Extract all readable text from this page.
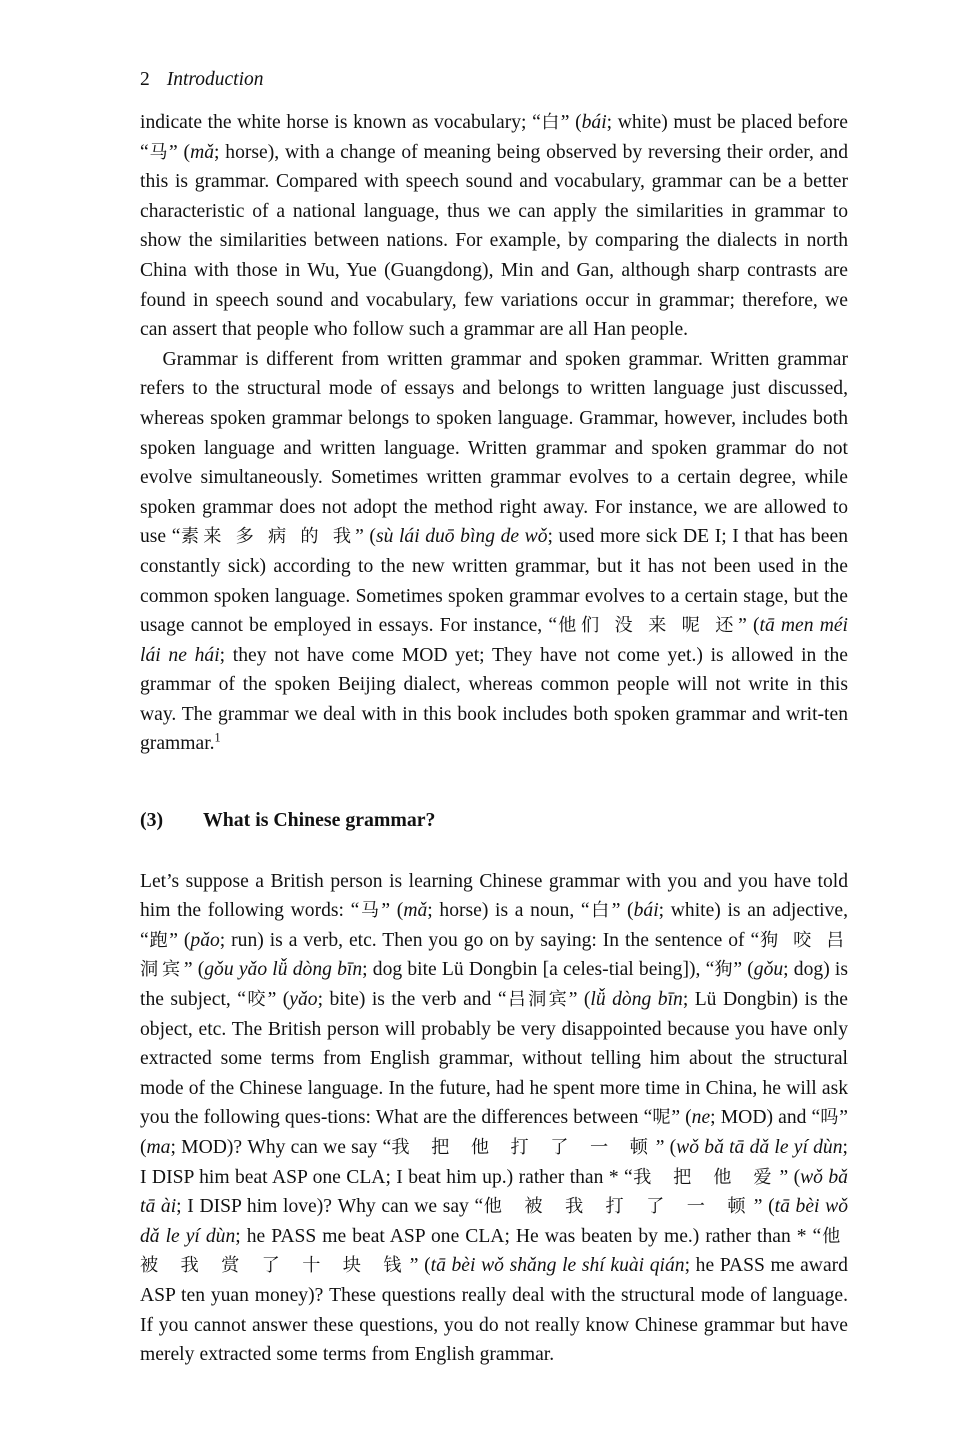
2 Introduction

indicate the white horse is known as vocabulary; “白” (bái; white) must be placed before “马” (mǎ; horse), with a change of meaning being observed by reversing their order, and this is grammar. Compared with speech sound and vocabulary, grammar can be a better characteristic of a national language, thus we can apply the similarities in grammar to show the similarities between nations. For example, by comparing the dialects in north China with those in Wu, Yue (Guangdong), Min and Gan, although sharp contrasts are found in speech sound and vocabulary, few variations occur in grammar; therefore, we can assert that people who follow such a grammar are all Han people.

Grammar is different from written grammar and spoken grammar. Written grammar refers to the structural mode of essays and belongs to written language just discussed, whereas spoken grammar belongs to spoken language. Grammar, however, includes both spoken language and written language. Written grammar and spoken grammar do not evolve simultaneously. Sometimes written grammar evolves to a certain degree, while spoken grammar does not adopt the method right away. For instance, we are allowed to use “素来 多 病 的 我” (sù lái duō bìng de wǒ; used more sick DE I; I that has been constantly sick) according to the new written grammar, but it has not been used in the common spoken language. Sometimes spoken grammar evolves to a certain stage, but the usage cannot be employed in essays. For instance, “他们 没 来 呢 还” (tā men méi lái ne hái; they not have come MOD yet; They have not come yet.) is allowed in the grammar of the spoken Beijing dialect, whereas common people will not write in this way. The grammar we deal with in this book includes both spoken grammar and writ-ten grammar.$^1$

(3) What is Chinese grammar?

Let’s suppose a British person is learning Chinese grammar with you and you have told him the following words: “马” (mǎ; horse) is a noun, “白” (bái; white) is an adjective, “跑” (pǎo; run) is a verb, etc. Then you go on by saying: In the sentence of “狗 咬 吕洞宾” (gǒu yǎo lǚ dòng bīn; dog bite Lü Dongbin [a celes-tial being]), “狗” (gǒu; dog) is the subject, “咬” (yǎo; bite) is the verb and “吕洞宾” (lǚ dòng bīn; Lü Dongbin) is the object, etc. The British person will probably be very disappointed because you have only extracted some terms from English grammar, without telling him about the structural mode of the Chinese language. In the future, had he spent more time in China, he will ask you the following ques-tions: What are the differences between “呢” (ne; MOD) and “吗” (ma; MOD)? Why can we say “我 把 他 打 了 一 顿” (wǒ bǎ tā dǎ le yí dùn; I DISP him beat ASP one CLA; I beat him up.) rather than * “我 把 他 爱” (wǒ bǎ tā ài; I DISP him love)? Why can we say “他 被 我 打 了 一 顿” (tā bèi wǒ dǎ le yí dùn; he PASS me beat ASP one CLA; He was beaten by me.) rather than * “他 被 我 赏 了 十 块 钱” (tā bèi wǒ shǎng le shí kuài qián; he PASS me award ASP ten yuan money)? These questions really deal with the structural mode of language. If you cannot answer these questions, you do not really know Chinese grammar but have merely extracted some terms from English grammar.
